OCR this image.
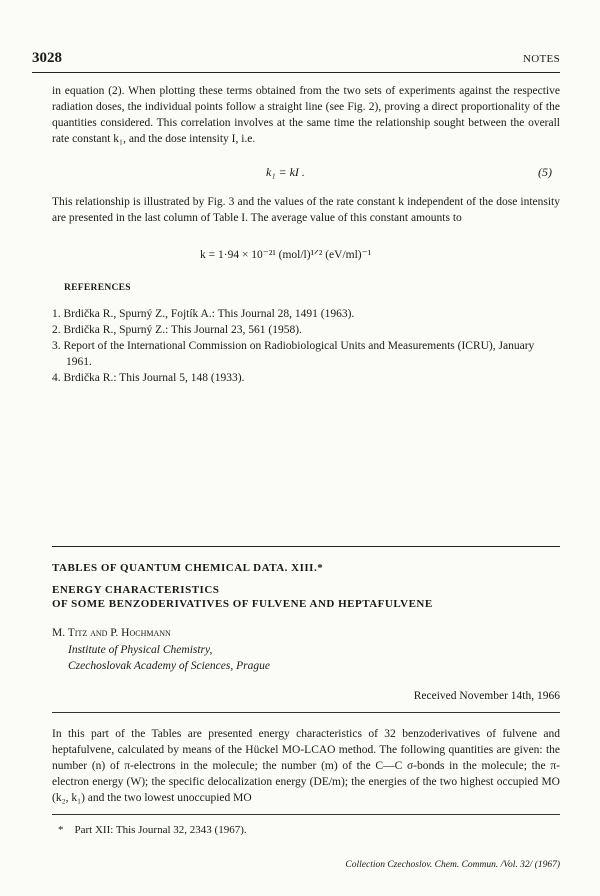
3028	NOTES
in equation (2). When plotting these terms obtained from the two sets of experiments against the respective radiation doses, the individual points follow a straight line (see Fig. 2), proving a direct proportionality of the quantities considered. This correlation involves at the same time the relationship sought between the overall rate constant k₁, and the dose intensity I, i.e.
k₁ = kI .	(5)
This relationship is illustrated by Fig. 3 and the values of the rate constant k independent of the dose intensity are presented in the last column of Table I. The average value of this constant amounts to
k = 1·94 × 10⁻²¹ (mol/l)¹ᐟ² (eV/ml)⁻¹
REFERENCES
1. Brdička R., Spurný Z., Fojtík A.: This Journal 28, 1491 (1963).
2. Brdička R., Spurný Z.: This Journal 23, 561 (1958).
3. Report of the International Commission on Radiobiological Units and Measurements (ICRU), January 1961.
4. Brdička R.: This Journal 5, 148 (1933).
TABLES OF QUANTUM CHEMICAL DATA. XIII.*
ENERGY CHARACTERISTICS
OF SOME BENZODERIVATIVES OF FULVENE AND HEPTAFULVENE
M. Titz and P. Hochmann
Institute of Physical Chemistry,
Czechoslovak Academy of Sciences, Prague
Received November 14th, 1966
In this part of the Tables are presented energy characteristics of 32 benzoderivatives of fulvene and heptafulvene, calculated by means of the Hückel MO-LCAO method. The following quantities are given: the number (n) of π-electrons in the molecule; the number (m) of the C—C σ-bonds in the molecule; the π-electron energy (W); the specific delocalization energy (DE/m); the energies of the two highest occupied MO (k₂, k₁) and the two lowest unoccupied MO
*    Part XII: This Journal 32, 2343 (1967).
Collection Czechoslov. Chem. Commun. /Vol. 32/ (1967)
